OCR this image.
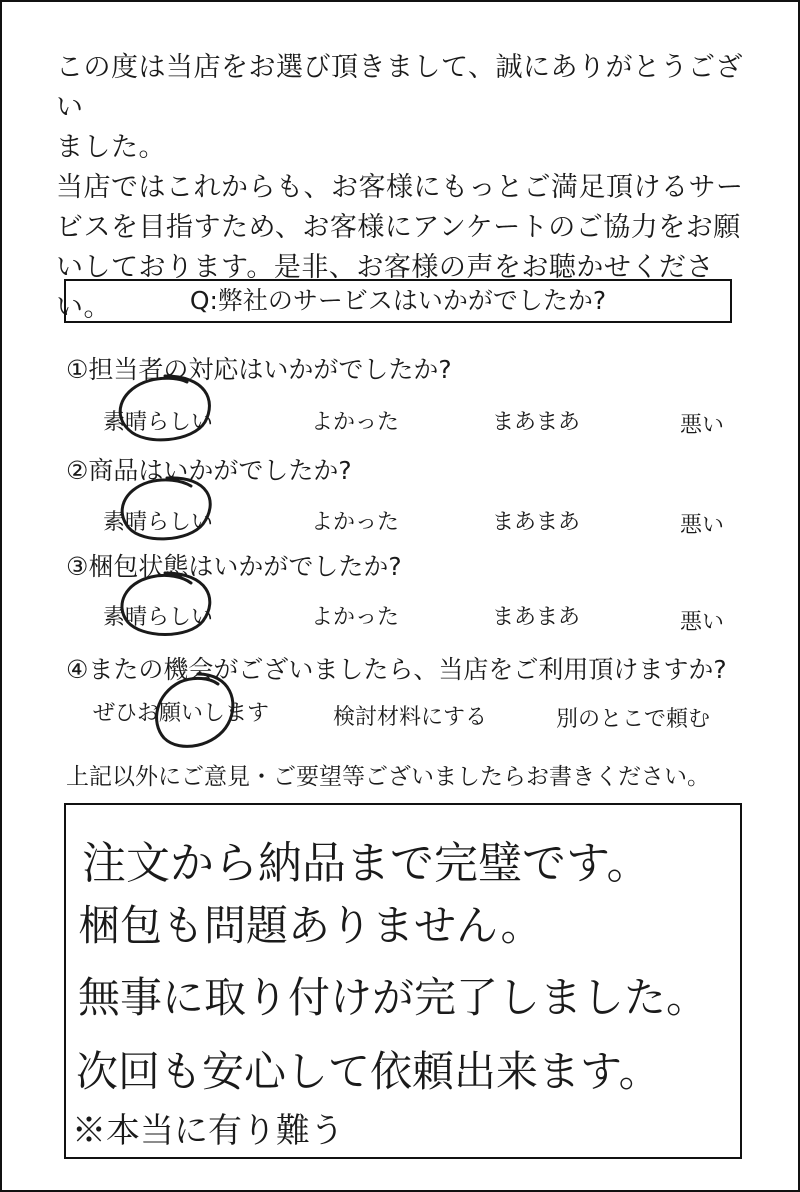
この度は当店をお選び頂きまして、誠にありがとうござい

ました。

当店ではこれからも、お客様にもっとご満足頂けるサー

ビスを目指すため、お客様にアンケートのご協力をお願

いしております。是非、お客様の声をお聴かせください。	Q:弊社のサービスはいかがでしたか?
①担当者の対応はいかがでしたか?
素晴らしい	よかった	まあまあ	悪い
②商品はいかがでしたか?
素晴らしい	よかった	まあまあ	悪い
③梱包状態はいかがでしたか?
素晴らしい	よかった	まあまあ	悪い
④またの機会がございましたら、当店をご利用頂けますか?
ぜひお願いします	検討材料にする	別のとこで頼む
上記以外にご意見・ご要望等ございましたらお書きください。
注文から納品まで完璧です。
梱包も問題ありません。
無事に取り付けが完了しました。
次回も安心して依頼出来ます。
※本当に有り難う
